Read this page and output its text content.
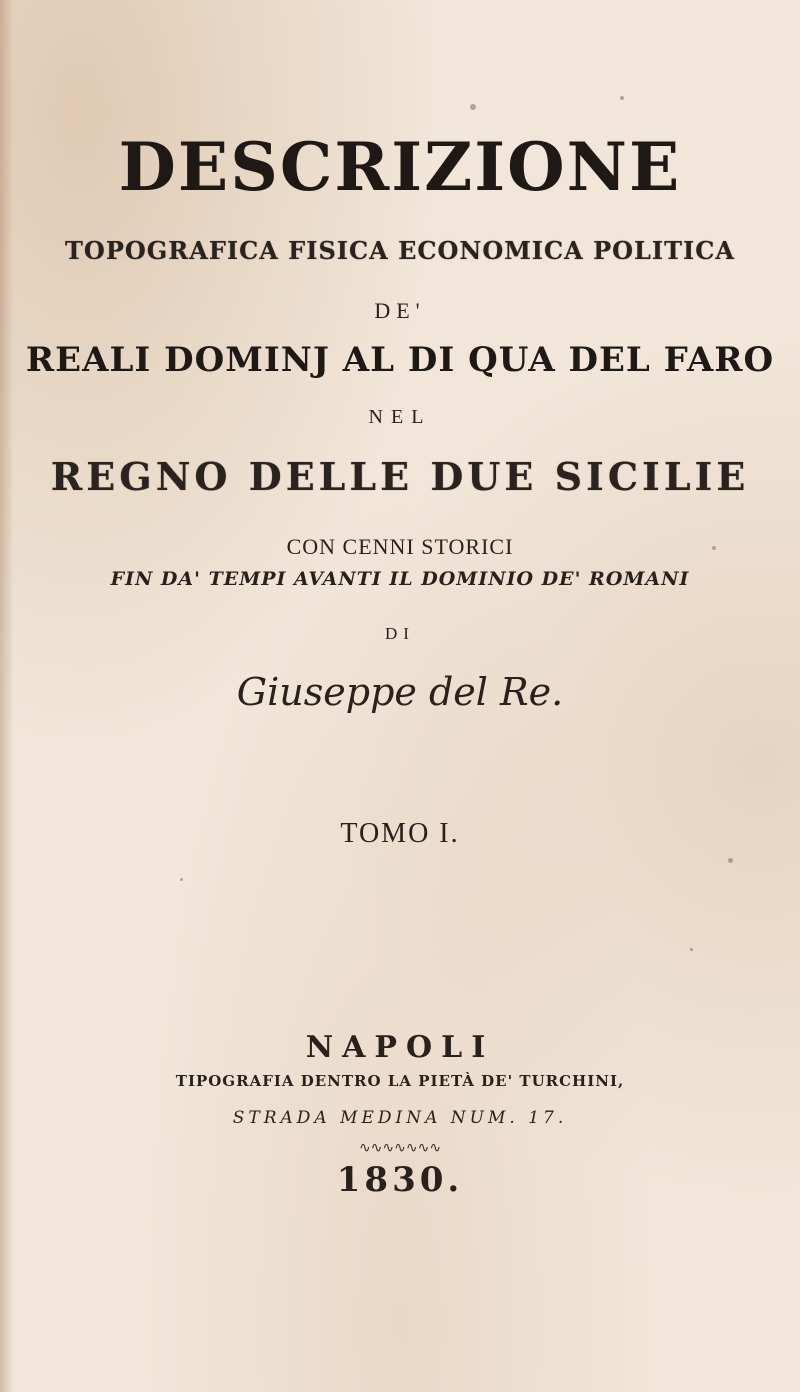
DESCRIZIONE
TOPOGRAFICA FISICA ECONOMICA POLITICA
DE'
REALI DOMINJ AL DI QUA DEL FARO
NEL
REGNO DELLE DUE SICILIE
CON CENNI STORICI
FIN DA' TEMPI AVANTI IL DOMINIO DE' ROMANI
DI
Giuseppe del Re.
TOMO I.
NAPOLI
TIPOGRAFIA DENTRO LA PIETÀ DE' TURCHINI,
STRADA MEDINA NUM. 17.
∿∿∿∿∿∿∿
1830.
